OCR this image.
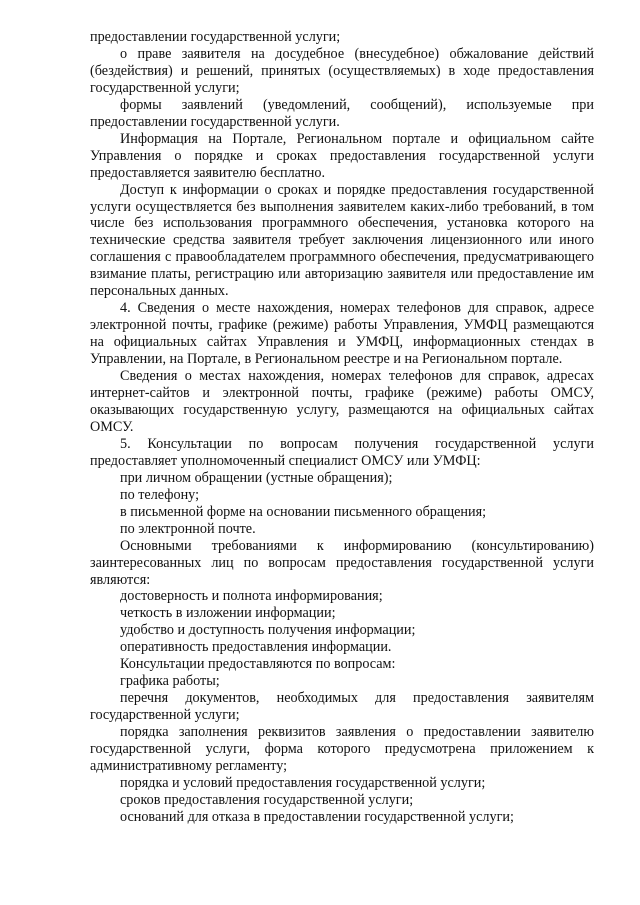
предоставлении государственной услуги;

о праве заявителя на досудебное (внесудебное) обжалование действий (бездействия) и решений, принятых (осуществляемых) в ходе предоставления государственной услуги;

формы заявлений (уведомлений, сообщений), используемые при предоставлении государственной услуги.

Информация на Портале, Региональном портале и официальном сайте Управления о порядке и сроках предоставления государственной услуги предоставляется заявителю бесплатно.

Доступ к информации о сроках и порядке предоставления государственной услуги осуществляется без выполнения заявителем каких-либо требований, в том числе без использования программного обеспечения, установка которого на технические средства заявителя требует заключения лицензионного или иного соглашения с правообладателем программного обеспечения, предусматривающего взимание платы, регистрацию или авторизацию заявителя или предоставление им персональных данных.

4. Сведения о месте нахождения, номерах телефонов для справок, адресе электронной почты, графике (режиме) работы Управления, УМФЦ размещаются на официальных сайтах Управления и УМФЦ, информационных стендах в Управлении, на Портале, в Региональном реестре и на Региональном портале.

Сведения о местах нахождения, номерах телефонов для справок, адресах интернет-сайтов и электронной почты, графике (режиме) работы ОМСУ, оказывающих государственную услугу, размещаются на официальных сайтах ОМСУ.

5. Консультации по вопросам получения государственной услуги предоставляет уполномоченный специалист ОМСУ или УМФЦ:

при личном обращении (устные обращения);

по телефону;

в письменной форме на основании письменного обращения;

по электронной почте.

Основными требованиями к информированию (консультированию) заинтересованных лиц по вопросам предоставления государственной услуги являются:

достоверность и полнота информирования;

четкость в изложении информации;

удобство и доступность получения информации;

оперативность предоставления информации.

Консультации предоставляются по вопросам:

графика работы;

перечня документов, необходимых для предоставления заявителям государственной услуги;

порядка заполнения реквизитов заявления о предоставлении заявителю государственной услуги, форма которого предусмотрена приложением к административному регламенту;

порядка и условий предоставления государственной услуги;

сроков предоставления государственной услуги;

оснований для отказа в предоставлении государственной услуги;
